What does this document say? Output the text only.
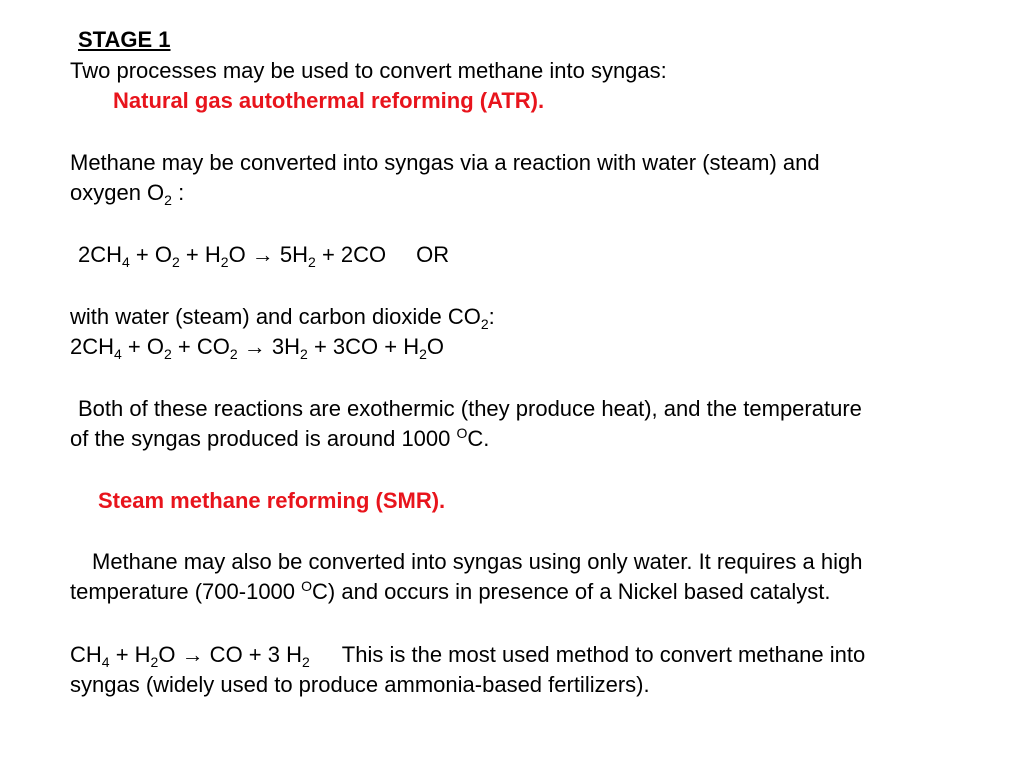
STAGE 1
Two processes may be used to convert methane into syngas:
Natural gas autothermal reforming (ATR).
Methane may be converted into syngas via a reaction with water (steam) and
oxygen $O_2$ :
$2CH_4 + O_2 + H_2O \to 5H_2 + 2CO$ OR
with water (steam) and carbon dioxide $CO_2$:
$2CH_4 + O_2 + CO_2 \to 3H_2 + 3CO + H_2O$
Both of these reactions are exothermic (they produce heat), and the temperature
of the syngas produced is around 1000 $^O$C.
Steam methane reforming (SMR).
Methane may also be converted into syngas using only water. It requires a high
temperature (700-1000 $^O$C) and occurs in presence of a Nickel based catalyst.
$CH_4 + H_2O$ → CO + 3 $H_2$ This is the most used method to convert methane into
syngas (widely used to produce ammonia-based fertilizers).
